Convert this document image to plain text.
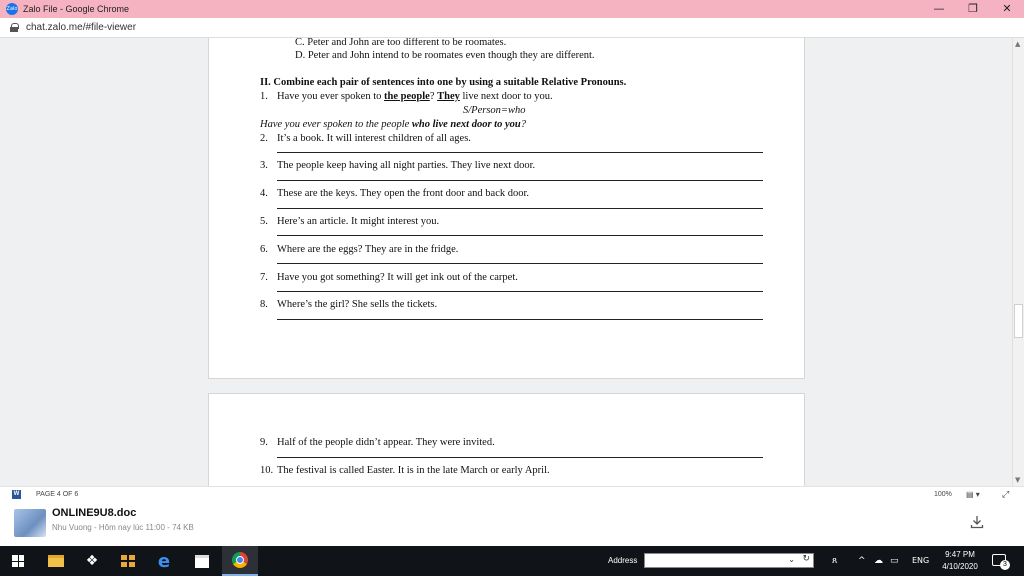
Zalo Zalo File - Google Chrome	—	❐	✕
chat.zalo.me/#file-viewer
C. Peter and John are too different to be roomates.
D. Peter and John intend to be roomates even though they are different.
II. Combine each pair of sentences into one by using a suitable Relative Pronouns.
1. Have you ever spoken to the people? They live next door to you.
S/Person=who
Have you ever spoken to the people who live next door to you?
2. It’s a book. It will interest children of all ages.
3. The people keep having all night parties. They live next door.
4. These are the keys. They open the front door and back door.
5. Here’s an article. It might interest you.
6. Where are the eggs? They are in the fridge.
7. Have you got something? It will get ink out of the carpet.
8. Where’s the girl? She sells the tickets.
9. Half of the people didn’t appear. They were invited.
10. The festival is called Easter. It is in the late March or early April.
▲
▼
W PAGE 4 OF 6	100% ▤ ▾ ⤢
ONLINE9U8.doc
Nhu Vuong - Hôm nay lúc 11:00 - 74 KB
❖	e	Address	⌄ ↻ ጸ ^ ☁ ▭ ENG
9:47 PM
4/10/2020	3
